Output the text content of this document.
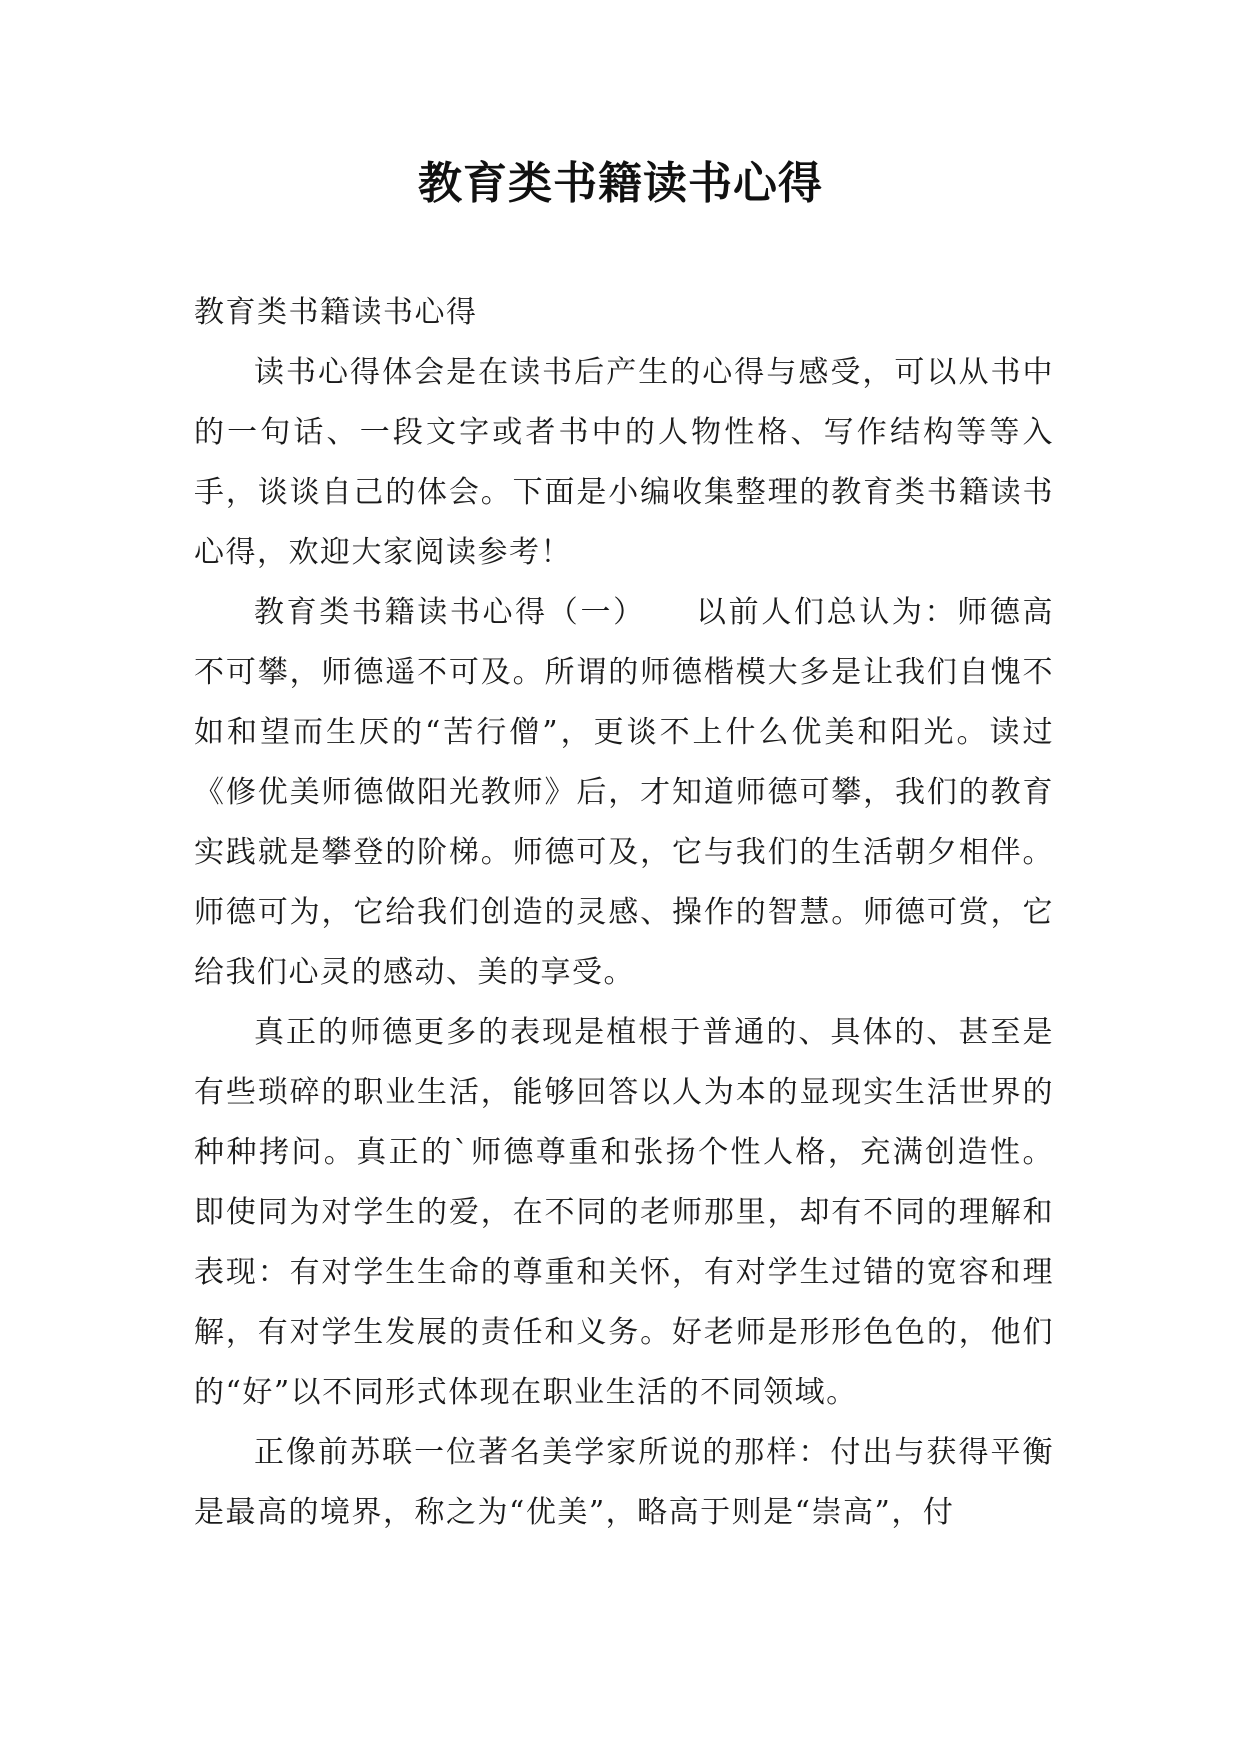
教育类书籍读书心得

教育类书籍读书心得

读书心得体会是在读书后产生的心得与感受，可以从书中的一句话、一段文字或者书中的人物性格、写作结构等等入手，谈谈自己的体会。下面是小编收集整理的教育类书籍读书心得，欢迎大家阅读参考！

教育类书籍读书心得（一）　　以前人们总认为：师德高不可攀，师德遥不可及。所谓的师德楷模大多是让我们自愧不如和望而生厌的“苦行僧”，更谈不上什么优美和阳光。读过《修优美师德做阳光教师》后，才知道师德可攀，我们的教育实践就是攀登的阶梯。师德可及，它与我们的生活朝夕相伴。师德可为，它给我们创造的灵感、操作的智慧。师德可赏，它给我们心灵的感动、美的享受。

真正的师德更多的表现是植根于普通的、具体的、甚至是有些琐碎的职业生活，能够回答以人为本的显现实生活世界的种种拷问。真正的`师德尊重和张扬个性人格，充满创造性。即使同为对学生的爱，在不同的老师那里，却有不同的理解和表现：有对学生生命的尊重和关怀，有对学生过错的宽容和理解，有对学生发展的责任和义务。好老师是形形色色的，他们的“好”以不同形式体现在职业生活的不同领域。

正像前苏联一位著名美学家所说的那样：付出与获得平衡是最高的境界，称之为“优美”，略高于则是“崇高”，付
